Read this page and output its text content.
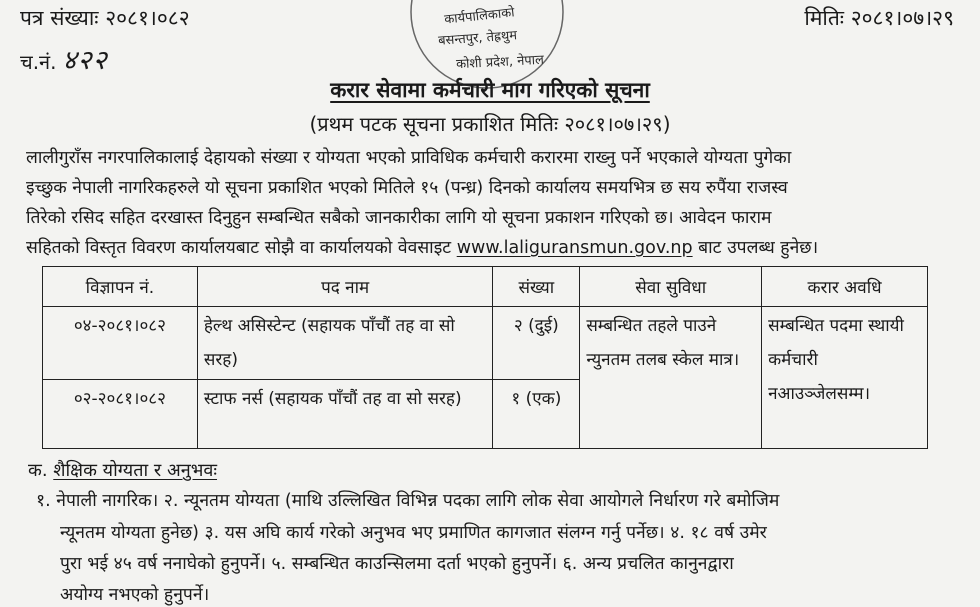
पत्र संख्याः २०८१।०८२
च.नं. ४२२
मितिः २०८१।०७।२९
कार्यपालिकाको
बसन्तपुर, तेह्रथुम
कोशी प्रदेश, नेपाल
करार सेवामा कर्मचारी माग गरिएको सूचना
(प्रथम पटक सूचना प्रकाशित मितिः २०८१।०७।२९)
लालीगुराँस नगरपालिकालाई देहायको संख्या र योग्यता भएको प्राविधिक कर्मचारी करारमा राख्नु पर्ने भएकाले योग्यता पुगेका
इच्छुक नेपाली नागरिकहरुले यो सूचना प्रकाशित भएको मितिले १५ (पन्ध्र) दिनको कार्यालय समयभित्र छ सय रुपैंया राजस्व
तिरेको रसिद सहित दरखास्त दिनुहुन सम्बन्धित सबैको जानकारीका लागि यो सूचना प्रकाशन गरिएको छ। आवेदन फाराम
सहितको विस्तृत विवरण कार्यालयबाट सोझै वा कार्यालयको वेवसाइट www.laliguransmun.gov.np बाट उपलब्ध हुनेछ।
विज्ञापन नं.	पद नाम	संख्या	सेवा सुविधा	करार अवधि
०४-२०८१।०८२	हेल्थ असिस्टेन्ट (सहायक पाँचौं तह वा सो सरह)	२ (दुई)	सम्बन्धित तहले पाउने न्युनतम तलब स्केल मात्र।	सम्बन्धित पदमा स्थायी कर्मचारी नआउञ्जेलसम्म।
०२-२०८१।०८२	स्टाफ नर्स (सहायक पाँचौं तह वा सो सरह)	१ (एक)		
क. शैक्षिक योग्यता र अनुभवः
१. नेपाली नागरिक। २. न्यूनतम योग्यता (माथि उल्लिखित विभिन्न पदका लागि लोक सेवा आयोगले निर्धारण गरे बमोजिम
न्यूनतम योग्यता हुनेछ) ३. यस अघि कार्य गरेको अनुभव भए प्रमाणित कागजात संलग्न गर्नु पर्नेछ। ४. १८ वर्ष उमेर
पुरा भई ४५ वर्ष ननाघेको हुनुपर्ने। ५. सम्बन्धित काउन्सिलमा दर्ता भएको हुनुपर्ने। ६. अन्य प्रचलित कानुनद्वारा
अयोग्य नभएको हुनुपर्ने।
